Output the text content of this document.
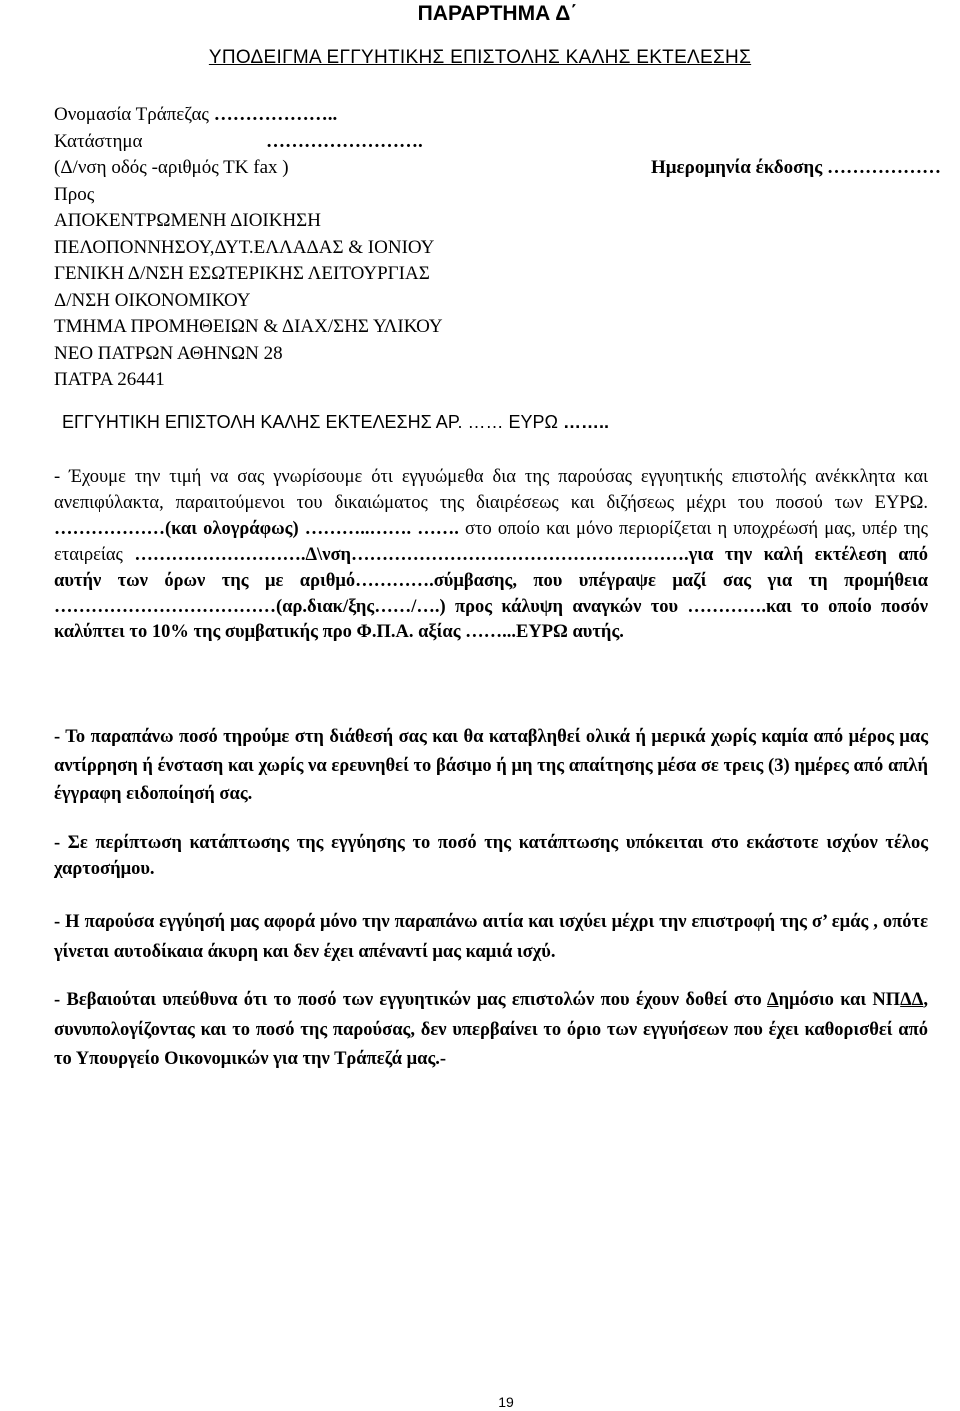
ΠΑΡΑΡΤΗΜΑ Δ΄
ΥΠΟΔΕΙΓΜΑ ΕΓΓΥΗΤΙΚΗΣ ΕΠΙΣΤΟΛΗΣ ΚΑΛΗΣ ΕΚΤΕΛΕΣΗΣ
Ονομασία Τράπεζας ………………..
Κατάστημα	…………………….
(Δ/νση οδός -αριθμός ΤΚ fax )	Ημερομηνία έκδοσης ………………
Προς
ΑΠΟΚΕΝΤΡΩΜΕΝΗ ΔΙΟΙΚΗΣΗ
ΠΕΛΟΠΟΝΝΗΣΟΥ,ΔΥΤ.ΕΛΛΑΔΑΣ & ΙΟΝΙΟΥ
ΓΕΝΙΚΗ Δ/ΝΣΗ ΕΣΩΤΕΡΙΚΗΣ ΛΕΙΤΟΥΡΓΙΑΣ
Δ/ΝΣΗ ΟΙΚΟΝΟΜΙΚΟΥ
ΤΜΗΜΑ ΠΡΟΜΗΘΕΙΩΝ & ΔΙΑΧ/ΣΗΣ ΥΛΙΚΟΥ
ΝΕΟ ΠΑΤΡΩΝ ΑΘΗΝΩΝ 28
ΠΑΤΡΑ 26441
ΕΓΓΥΗΤΙΚΗ ΕΠΙΣΤΟΛΗ ΚΑΛΗΣ ΕΚΤΕΛΕΣΗΣ ΑΡ. …… ΕΥΡΩ ……..

- Έχουμε την τιμή να σας γνωρίσουμε ότι εγγυώμεθα δια της παρούσας εγγυητικής επιστολής ανέκκλητα και ανεπιφύλακτα, παραιτούμενοι του δικαιώματος της διαιρέσεως και διζήσεως μέχρι του ποσού των ΕΥΡΩ. ………………(και ολογράφως) ………..……. ……. στο οποίο και μόνο περιορίζεται η υποχρέωσή μας, υπέρ της εταιρείας ……………………….Δ\νση……………………………………………….για την καλή εκτέλεση από αυτήν των όρων της με αριθμό………….σύμβασης, που υπέγραψε μαζί σας για τη προμήθεια ………………………………(αρ.διακ/ξης……/….) προς κάλυψη αναγκών του ………….και το οποίο ποσόν καλύπτει το 10% της συμβατικής προ Φ.Π.Α. αξίας ……...ΕΥΡΩ αυτής.

- Το παραπάνω ποσό τηρούμε στη διάθεσή σας και θα καταβληθεί ολικά ή μερικά χωρίς καμία από μέρος μας αντίρρηση ή ένσταση και χωρίς να ερευνηθεί το βάσιμο ή μη της απαίτησης μέσα σε τρεις (3) ημέρες από απλή έγγραφη ειδοποίησή σας.

- Σε περίπτωση κατάπτωσης της εγγύησης το ποσό της κατάπτωσης υπόκειται στο εκάστοτε ισχύον τέλος χαρτοσήμου.

- Η παρούσα εγγύησή μας αφορά μόνο την παραπάνω αιτία και ισχύει μέχρι την επιστροφή της σ’ εμάς , οπότε γίνεται αυτοδίκαια άκυρη και δεν έχει απέναντί μας καμιά ισχύ.

- Βεβαιούται υπεύθυνα ότι το ποσό των εγγυητικών μας επιστολών που έχουν δοθεί στο Δημόσιο και ΝΠΔΔ, συνυπολογίζοντας και το ποσό της παρούσας, δεν υπερβαίνει το όριο των εγγυήσεων που έχει καθορισθεί από το Υπουργείο Οικονομικών για την Τράπεζά μας.-

19
